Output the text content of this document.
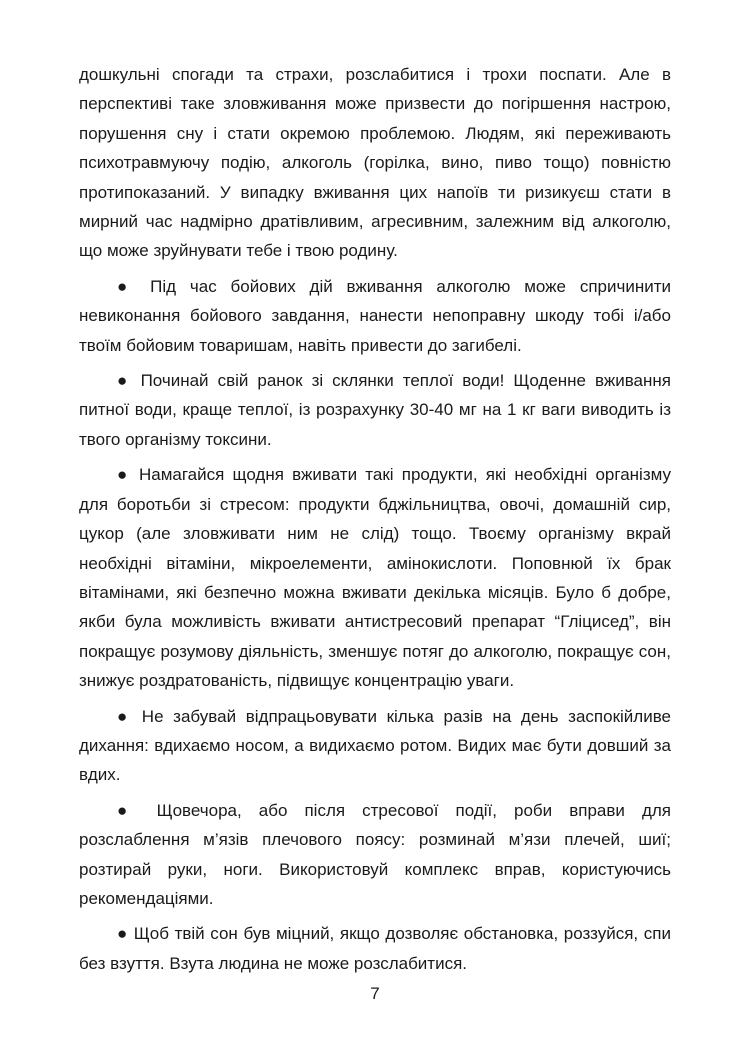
дошкульні спогади та страхи, розслабитися і трохи поспати. Але в перспективі таке зловживання може призвести до погіршення настрою, порушення сну і стати окремою проблемою. Людям, які переживають психотравмуючу подію, алкоголь (горілка, вино, пиво тощо) повністю протипоказаний. У випадку вживання цих напоїв ти ризикуєш стати в мирний час надмірно дратівливим, агресивним, залежним від алкоголю, що може зруйнувати тебе і твою родину.

● Під час бойових дій вживання алкоголю може спричинити невиконання бойового завдання, нанести непоправну шкоду тобі і/або твоїм бойовим товаришам, навіть привести до загибелі.

● Починай свій ранок зі склянки теплої води! Щоденне вживання питної води, краще теплої, із розрахунку 30-40 мг на 1 кг ваги виводить із твого організму токсини.

● Намагайся щодня вживати такі продукти, які необхідні організму для боротьби зі стресом: продукти бджільництва, овочі, домашній сир, цукор (але зловживати ним не слід) тощо. Твоєму організму вкрай необхідні вітаміни, мікроелементи, амінокислоти. Поповнюй їх брак вітамінами, які безпечно можна вживати декілька місяців. Було б добре, якби була можливість вживати антистресовий препарат “Гліцисед”, він покращує розумову діяльність, зменшує потяг до алкоголю, покращує сон, знижує роздратованість, підвищує концентрацію уваги.

● Не забувай відпрацьовувати кілька разів на день заспокійливе дихання: вдихаємо носом, а видихаємо ротом. Видих має бути довший за вдих.

● Щовечора, або після стресової події, роби вправи для розслаблення м’язів плечового поясу: розминай м’язи плечей, шиї; розтирай руки, ноги. Використовуй комплекс вправ, користуючись рекомендаціями.

● Щоб твій сон був міцний, якщо дозволяє обстановка, роззуйся, спи без взуття. Взута людина не може розслабитися.

7
